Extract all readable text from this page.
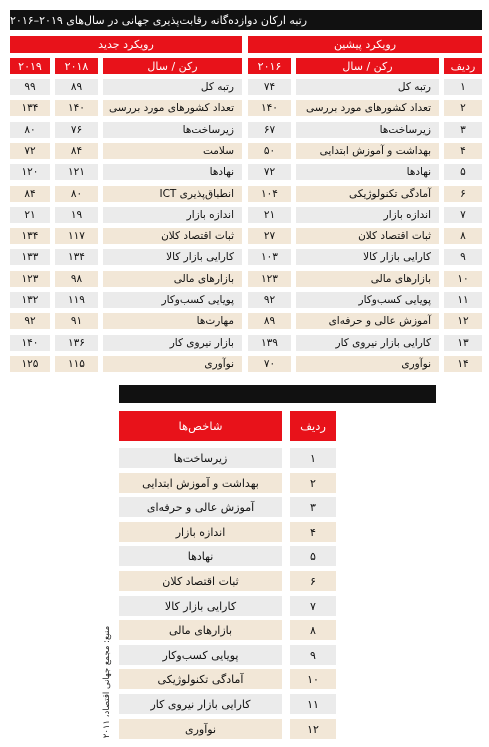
رتبه ارکان دوازده‌گانه رقابت‌پذیری جهانی در سال‌های ۲۰۱۹–۲۰۱۶
رویکرد جدید	رویکرد پیشین
۲۰۱۹	۲۰۱۸	رکن / سال	۲۰۱۶	رکن / سال	ردیف
۹۹	۸۹	رتبه کل	۷۴	رتبه کل	۱
۱۳۴	۱۴۰	تعداد کشورهای مورد بررسی	۱۴۰	تعداد کشورهای مورد بررسی	۲
۸۰	۷۶	زیرساخت‌ها	۶۷	زیرساخت‌ها	۳
۷۲	۸۴	سلامت	۵۰	بهداشت و آموزش ابتدایی	۴
۱۲۰	۱۲۱	نهادها	۷۲	نهادها	۵
۸۴	۸۰	انطباق‌پذیری ICT	۱۰۴	آمادگی تکنولوژیکی	۶
۲۱	۱۹	اندازه بازار	۲۱	اندازه بازار	۷
۱۳۴	۱۱۷	ثبات اقتصاد کلان	۲۷	ثبات اقتصاد کلان	۸
۱۳۳	۱۳۴	کارایی بازار کالا	۱۰۳	کارایی بازار کالا	۹
۱۲۳	۹۸	بازارهای مالی	۱۲۳	بازارهای مالی	۱۰
۱۳۲	۱۱۹	پویایی کسب‌وکار	۹۲	پویایی کسب‌وکار	۱۱
۹۲	۹۱	مهارت‌ها	۸۹	آموزش عالی و حرفه‌ای	۱۲
۱۴۰	۱۳۶	بازار نیروی کار	۱۳۹	کارایی بازار نیروی کار	۱۳
۱۲۵	۱۱۵	نوآوری	۷۰	نوآوری	۱۴
شاخص‌ها	ردیف
زیرساخت‌ها	۱
بهداشت و آموزش ابتدایی	۲
آموزش عالی و حرفه‌ای	۳
اندازه بازار	۴
نهادها	۵
ثبات اقتصاد کلان	۶
کارایی بازار کالا	۷
بازارهای مالی	۸
پویایی کسب‌وکار	۹
آمادگی تکنولوژیکی	۱۰
کارایی بازار نیروی کار	۱۱
نوآوری	۱۲
منبع: مجمع جهانی اقتصاد، ۲۰۱۱
